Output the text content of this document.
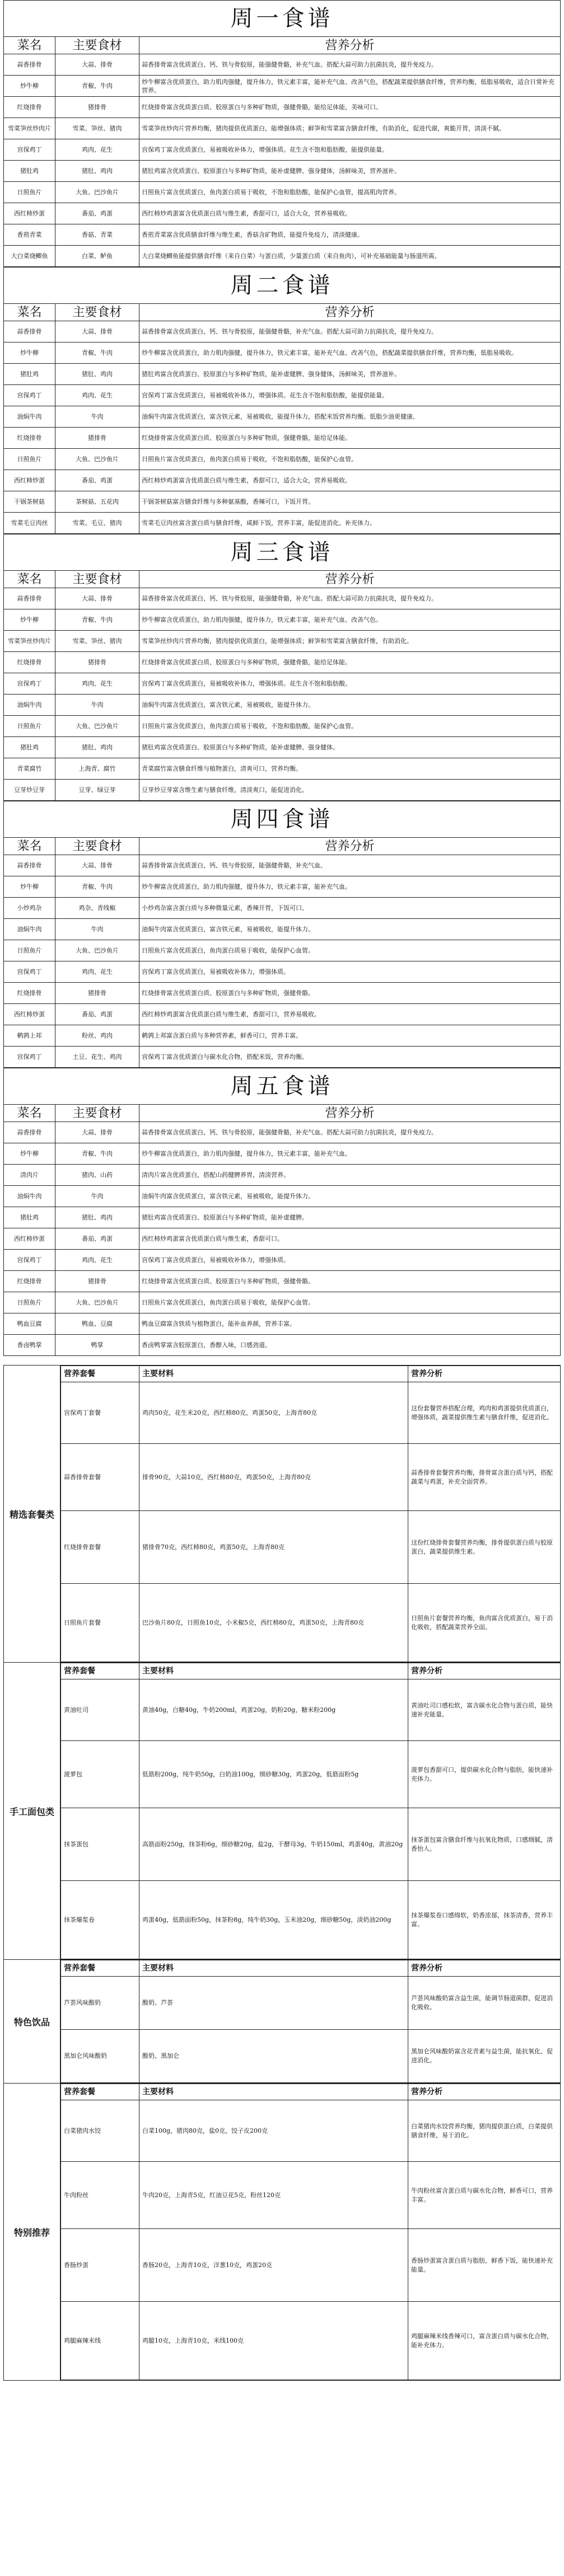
周一食谱
菜名	主要食材	营养分析
蒜香排骨	大蒜、排骨	蒜香排骨富含优质蛋白、钙、铁与骨胶原，能强健骨骼，补充气血。搭配大蒜可助力抗菌抗炎，提升免疫力。
炒牛柳	青椒、牛肉	炒牛柳富含优质蛋白，助力肌肉强健，提升体力，铁元素丰富，能补充气血、改善气色，搭配蔬菜提供膳食纤维，营养均衡，低脂易吸收，适合日常补充营养。
红烧排骨	猪排骨	红烧排骨富含优质蛋白质、胶原蛋白与多种矿物质，强健骨骼，能给足体能，美味可口。
雪菜笋丝炒肉片	雪菜、笋丝、猪肉	雪菜笋丝炒肉片营养均衡，猪肉提供优质蛋白，能增强体质；鲜笋和雪菜富含膳食纤维，有助消化，促进代谢，爽脆开胃，清淡不腻。
宫保鸡丁	鸡肉、花生	宫保鸡丁富含优质蛋白，易被吸收补体力，增强体质。花生含不饱和脂肪酸，能提供能量。
猪肚鸡	猪肚、鸡肉	猪肚鸡富含优质蛋白、胶原蛋白与多种矿物质，能补虚健脾、强身健体，汤鲜味美，营养滋补。
日照鱼片	大鱼、巴沙鱼片	日照鱼片富含优质蛋白，鱼肉蛋白质易于吸收，不饱和脂肪酸，能保护心血管，提高肌肉营养。
西红柿炒蛋	番茄、鸡蛋	西红柿炒鸡蛋富含优质蛋白质与维生素，香甜可口，适合大众，营养易吸收。
香煎青菜	香菇、青菜	香煎青菜富含优质膳食纤维与维生素，香菇含矿物质，能提升免疫力，清淡健康。
大白菜烧鲫鱼	白菜、鲈鱼	大白菜烧鲫鱼能提供膳食纤维（来自白菜）与蛋白质，少量蛋白质（来自鱼肉），可补充基础能量与肠道所需。
周二食谱
菜名	主要食材	营养分析
蒜香排骨	大蒜、排骨	蒜香排骨富含优质蛋白、钙、铁与骨胶原，能强健骨骼，补充气血。搭配大蒜可助力抗菌抗炎，提升免疫力。
炒牛柳	青椒、牛肉	炒牛柳富含优质蛋白，助力肌肉强健，提升体力，铁元素丰富，能补充气血、改善气色，搭配蔬菜提供膳食纤维，营养均衡，低脂易吸收。
猪肚鸡	猪肚、鸡肉	猪肚鸡富含优质蛋白、胶原蛋白与多种矿物质，能补虚健脾、强身健体，汤鲜味美，营养滋补。
宫保鸡丁	鸡肉、花生	宫保鸡丁富含优质蛋白，易被吸收补体力，增强体质。花生含不饱和脂肪酸，能提供能量。
油焖牛肉	牛肉	油焖牛肉富含优质蛋白，富含铁元素，易被吸收，能提升体力，搭配米饭营养均衡。低脂少油更健康。
红烧排骨	猪排骨	红烧排骨富含优质蛋白质、胶原蛋白与多种矿物质，强健骨骼，能给足体能。
日照鱼片	大鱼、巴沙鱼片	日照鱼片富含优质蛋白，鱼肉蛋白质易于吸收，不饱和脂肪酸，能保护心血管。
西红柿炒蛋	番茄、鸡蛋	西红柿炒鸡蛋富含优质蛋白质与维生素，香甜可口，适合大众，营养易吸收。
干锅茶树菇	茶树菇、五花肉	干锅茶树菇富含膳食纤维与多种氨基酸，香辣可口，下饭开胃。
雪菜毛豆肉丝	雪菜、毛豆、猪肉	雪菜毛豆肉丝富含蛋白质与膳食纤维，咸鲜下饭，营养丰富，能促进消化、补充体力。
周三食谱
菜名	主要食材	营养分析
蒜香排骨	大蒜、排骨	蒜香排骨富含优质蛋白、钙、铁与骨胶原，能强健骨骼，补充气血。搭配大蒜可助力抗菌抗炎，提升免疫力。
炒牛柳	青椒、牛肉	炒牛柳富含优质蛋白，助力肌肉强健，提升体力，铁元素丰富，能补充气血、改善气色。
雪菜笋丝炒肉片	雪菜、笋丝、猪肉	雪菜笋丝炒肉片营养均衡，猪肉提供优质蛋白，能增强体质；鲜笋和雪菜富含膳食纤维，有助消化。
红烧排骨	猪排骨	红烧排骨富含优质蛋白质、胶原蛋白与多种矿物质，强健骨骼，能给足体能。
宫保鸡丁	鸡肉、花生	宫保鸡丁富含优质蛋白，易被吸收补体力，增强体质。花生含不饱和脂肪酸。
油焖牛肉	牛肉	油焖牛肉富含优质蛋白，富含铁元素，易被吸收，能提升体力。
日照鱼片	大鱼、巴沙鱼片	日照鱼片富含优质蛋白，鱼肉蛋白质易于吸收，不饱和脂肪酸，能保护心血管。
猪肚鸡	猪肚、鸡肉	猪肚鸡富含优质蛋白、胶原蛋白与多种矿物质，能补虚健脾、强身健体。
青菜腐竹	上海青、腐竹	青菜腐竹富含膳食纤维与植物蛋白，清爽可口，营养均衡。
豆芽炒豆芽	豆芽、绿豆芽	豆芽炒豆芽富含维生素与膳食纤维，清淡爽口，能促进消化。
周四食谱
菜名	主要食材	营养分析
蒜香排骨	大蒜、排骨	蒜香排骨富含优质蛋白、钙、铁与骨胶原，能强健骨骼，补充气血。
炒牛柳	青椒、牛肉	炒牛柳富含优质蛋白，助力肌肉强健，提升体力，铁元素丰富，能补充气血。
小炒鸡杂	鸡杂、青线椒	小炒鸡杂富含蛋白质与多种微量元素，香辣开胃，下饭可口。
油焖牛肉	牛肉	油焖牛肉富含优质蛋白，富含铁元素，易被吸收，能提升体力。
日照鱼片	大鱼、巴沙鱼片	日照鱼片富含优质蛋白，鱼肉蛋白质易于吸收，能保护心血管。
宫保鸡丁	鸡肉、花生	宫保鸡丁富含优质蛋白，易被吸收补体力，增强体质。
红烧排骨	猪排骨	红烧排骨富含优质蛋白质、胶原蛋白与多种矿物质，强健骨骼。
西红柿炒蛋	番茄、鸡蛋	西红柿炒鸡蛋富含优质蛋白质与维生素，香甜可口，营养易吸收。
鹌鹑上邦	粉丝、鸡肉	鹌鹑上邦富含蛋白质与多种营养素，鲜香可口，营养丰富。
宫保鸡丁	土豆、花生、鸡肉	宫保鸡丁富含优质蛋白与碳水化合物，搭配米饭，营养均衡。
周五食谱
菜名	主要食材	营养分析
蒜香排骨	大蒜、排骨	蒜香排骨富含优质蛋白、钙、铁与骨胶原，能强健骨骼，补充气血。搭配大蒜可助力抗菌抗炎，提升免疫力。
炒牛柳	青椒、牛肉	炒牛柳富含优质蛋白，助力肌肉强健，提升体力，铁元素丰富，能补充气血。
清肉片	猪肉、山药	清肉片富含优质蛋白，搭配山药健脾养胃，清淡营养。
油焖牛肉	牛肉	油焖牛肉富含优质蛋白，富含铁元素，易被吸收，能提升体力。
猪肚鸡	猪肚、鸡肉	猪肚鸡富含优质蛋白、胶原蛋白与多种矿物质，能补虚健脾。
西红柿炒蛋	番茄、鸡蛋	西红柿炒鸡蛋富含优质蛋白质与维生素，香甜可口。
宫保鸡丁	鸡肉、花生	宫保鸡丁富含优质蛋白，易被吸收补体力，增强体质。
红烧排骨	猪排骨	红烧排骨富含优质蛋白质、胶原蛋白与多种矿物质，强健骨骼。
日照鱼片	大鱼、巴沙鱼片	日照鱼片富含优质蛋白，鱼肉蛋白质易于吸收，能保护心血管。
鸭血豆腐	鸭血、豆腐	鸭血豆腐富含铁质与植物蛋白，能补血养颜，营养丰富。
香卤鸭掌	鸭掌	香卤鸭掌富含胶原蛋白，香醇入味，口感劲道。
精选套餐类
营养套餐	主要材料	营养分析
宫保鸡丁套餐	鸡肉50克，花生米20克，西红柿80克，鸡蛋50克，上海青80克	这份套餐营养搭配合理，鸡肉和鸡蛋提供优质蛋白，增强体质，蔬菜提供维生素与膳食纤维，促进消化。
蒜香排骨套餐	排骨90克，大蒜10克，西红柿80克，鸡蛋50克，上海青80克	蒜香排骨套餐营养均衡，排骨富含蛋白质与钙，搭配蔬菜与鸡蛋，补充全面营养。
红烧排骨套餐	猪排骨70克，西红柿80克，鸡蛋50克，上海青80克	这份红烧排骨套餐营养均衡，排骨提供蛋白质与胶原蛋白，蔬菜提供维生素。
日照鱼片套餐	巴沙鱼片80克，日照鱼10克，小米椒5克，西红柿80克，鸡蛋50克，上海青80克	日照鱼片套餐营养均衡，鱼肉富含优质蛋白，易于消化吸收，搭配蔬菜营养全面。
手工面包类
营养套餐	主要材料	营养分析
黄油吐司	黄油40g，白糖40g，牛奶200ml，鸡蛋20g，奶粉20g，糖米粉200g	黄油吐司口感松软，富含碳水化合物与蛋白质，能快速补充能量。
菠萝包	低筋粉200g，纯牛奶50g，白奶油100g，细砂糖30g，鸡蛋20g，低筋面粉5g	菠萝包香甜可口，提供碳水化合物与脂肪，能快速补充体力。
抹茶蛋包	高筋面粉250g，抹茶粉6g，细砂糖20g，盐2g，干酵母3g，牛奶150ml，鸡蛋40g，黄油20g	抹茶蛋包富含膳食纤维与抗氧化物质，口感细腻，清香怡人。
抹茶爆浆卷	鸡蛋40g，低筋面粉50g，抹茶粉8g，纯牛奶30g，玉米油20g，细砂糖50g，淡奶油200g	抹茶爆浆卷口感绵软，奶香浓郁，抹茶清香，营养丰富。
特色饮品
营养套餐	主要材料	营养分析
芦荟风味酸奶	酸奶、芦荟	芦荟风味酸奶富含益生菌，能调节肠道菌群，促进消化吸收。
黑加仑风味酸奶	酸奶、黑加仑	黑加仑风味酸奶富含花青素与益生菌，能抗氧化、促进消化。
特别推荐
营养套餐	主要材料	营养分析
白菜猪肉水饺	白菜100g，猪肉80克，盐0克，饺子皮200克	白菜猪肉水饺营养均衡，猪肉提供蛋白质，白菜提供膳食纤维，易于消化。
牛肉粉丝	牛肉20克，上海青5克，红油豆花5克，粉丝120克	牛肉粉丝富含蛋白质与碳水化合物，鲜香可口，营养丰富。
香肠炒蛋	香肠20克，上海青10克，洋葱10克，鸡蛋20克	香肠炒蛋富含蛋白质与脂肪，鲜香下饭，能快速补充能量。
鸡腿麻辣米线	鸡腿10克，上海青10克，米线100克	鸡腿麻辣米线香辣可口，富含蛋白质与碳水化合物，能补充体力。
